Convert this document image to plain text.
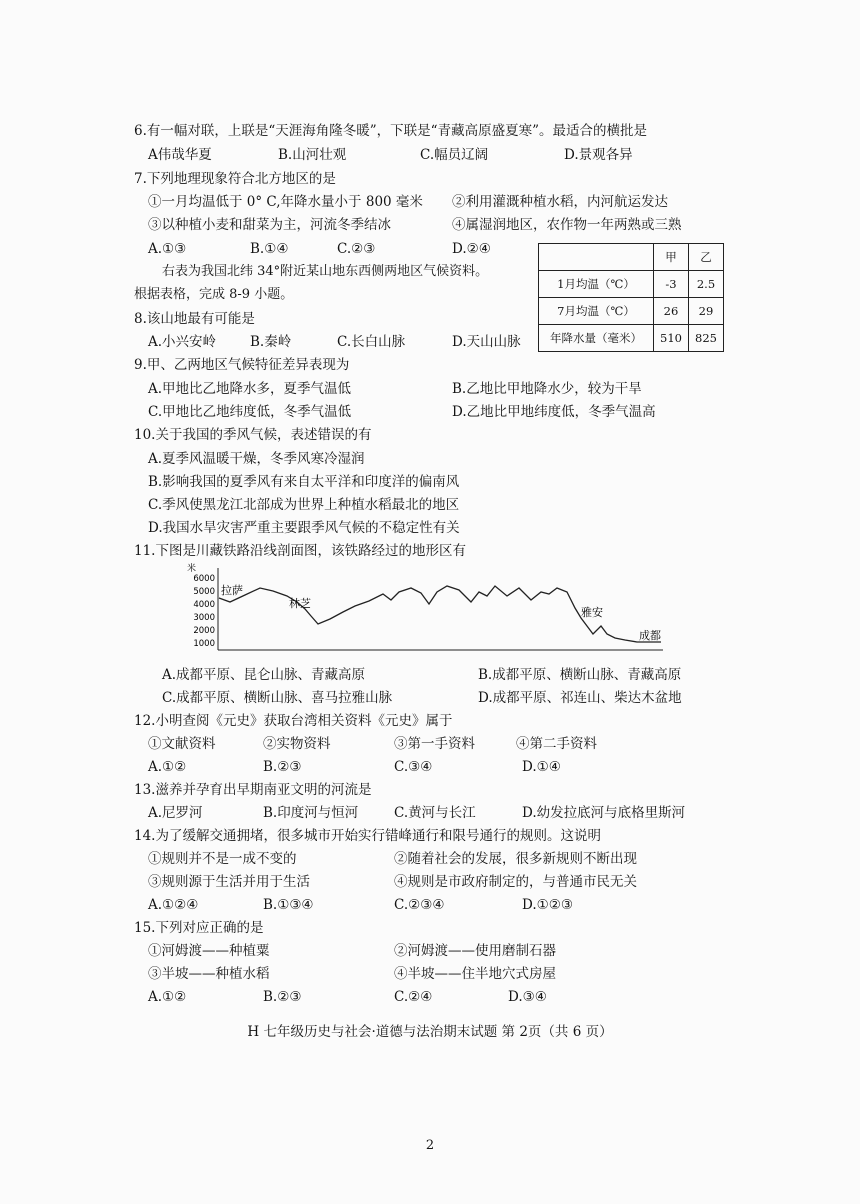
6.有一幅对联，上联是“天涯海角隆冬暖”，下联是“青藏高原盛夏寒”。最适合的横批是
A伟哉华夏	B.山河壮观	C.幅员辽阔	D.景观各异
7.下列地理现象符合北方地区的是
①一月均温低于 0° C,年降水量小于 800 毫米 ②利用灌溉种植水稻，内河航运发达
③以种植小麦和甜菜为主，河流冬季结冰	④属湿润地区，农作物一年两熟或三熟
A.①③	B.①④	C.②③	D.②④
右表为我国北纬 34°附近某山地东西侧两地区气候资料。
根据表格，完成 8-9 小题。
	甲	乙
1月均温（℃）	-3	2.5
7月均温（℃）	26	29
年降水量（毫米）	510	825
8.该山地最有可能是
A.小兴安岭	B.秦岭	C.长白山脉	D.天山山脉
9.甲、乙两地区气候特征差异表现为
A.甲地比乙地降水多，夏季气温低	B.乙地比甲地降水少，较为干旱
C.甲地比乙地纬度低，冬季气温低	D.乙地比甲地纬度低，冬季气温高
10.关于我国的季风气候，表述错误的有
A.夏季风温暖干燥，冬季风寒冷湿润
B.影响我国的夏季风有来自太平洋和印度洋的偏南风
C.季风使黑龙江北部成为世界上种植水稻最北的地区
D.我国水旱灾害严重主要跟季风气候的不稳定性有关
11.下图是川藏铁路沿线剖面图，该铁路经过的地形区有
米
6000
5000
4000
3000
2000
1000
拉萨
林芝
雅安
成都
A.成都平原、昆仑山脉、青藏高原	B.成都平原、横断山脉、青藏高原
C.成都平原、横断山脉、喜马拉雅山脉	D.成都平原、祁连山、柴达木盆地
12.小明查阅《元史》获取台湾相关资料《元史》属于
①文献资料	②实物资料	③第一手资料	④第二手资料
A.①②	B.②③	C.③④	D.①④
13.滋养并孕育出早期南亚文明的河流是
A.尼罗河	B.印度河与恒河	C.黄河与长江	D.幼发拉底河与底格里斯河
14.为了缓解交通拥堵，很多城市开始实行错峰通行和限号通行的规则。这说明
①规则并不是一成不变的	②随着社会的发展，很多新规则不断出现
③规则源于生活并用于生活	④规则是市政府制定的，与普通市民无关
A.①②④	B.①③④	C.②③④	D.①②③
15.下列对应正确的是
①河姆渡——种植粟	②河姆渡——使用磨制石器
③半坡——种植水稻	④半坡——住半地穴式房屋
A.①②	B.②③	C.②④	D.③④
H 七年级历史与社会·道德与法治期末试题 第 2页（共 6 页）
2
